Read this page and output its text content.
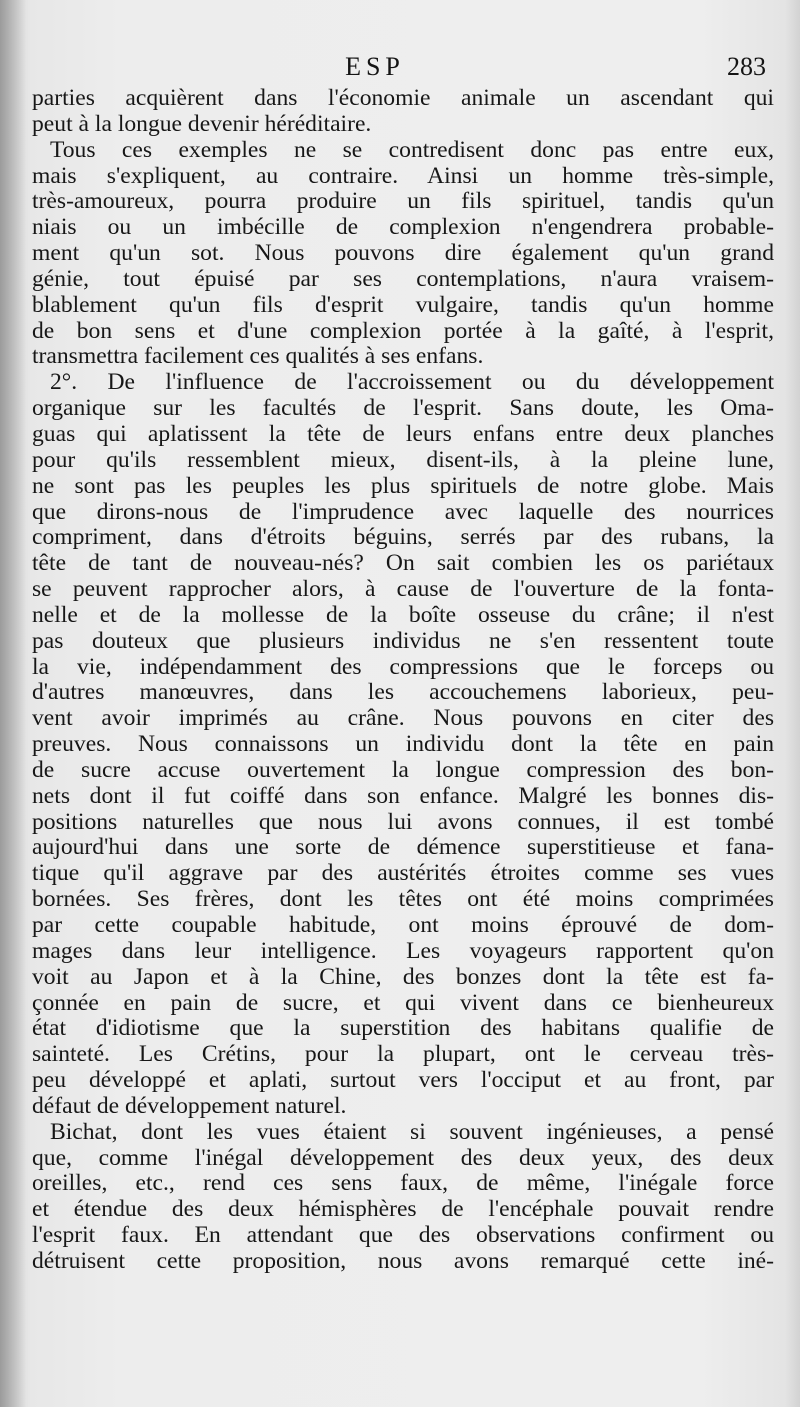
ESP	283
parties acquièrent dans l'économie animale un ascendant qui
peut à la longue devenir héréditaire.
Tous ces exemples ne se contredisent donc pas entre eux,
mais s'expliquent, au contraire. Ainsi un homme très-simple,
très-amoureux, pourra produire un fils spirituel, tandis qu'un
niais ou un imbécille de complexion n'engendrera probable-
ment qu'un sot. Nous pouvons dire également qu'un grand
génie, tout épuisé par ses contemplations, n'aura vraisem-
blablement qu'un fils d'esprit vulgaire, tandis qu'un homme
de bon sens et d'une complexion portée à la gaîté, à l'esprit,
transmettra facilement ces qualités à ses enfans.
2°. De l'influence de l'accroissement ou du développement
organique sur les facultés de l'esprit. Sans doute, les Oma-
guas qui aplatissent la tête de leurs enfans entre deux planches
pour qu'ils ressemblent mieux, disent-ils, à la pleine lune,
ne sont pas les peuples les plus spirituels de notre globe. Mais
que dirons-nous de l'imprudence avec laquelle des nourrices
compriment, dans d'étroits béguins, serrés par des rubans, la
tête de tant de nouveau-nés? On sait combien les os pariétaux
se peuvent rapprocher alors, à cause de l'ouverture de la fonta-
nelle et de la mollesse de la boîte osseuse du crâne; il n'est
pas douteux que plusieurs individus ne s'en ressentent toute
la vie, indépendamment des compressions que le forceps ou
d'autres manœuvres, dans les accouchemens laborieux, peu-
vent avoir imprimés au crâne. Nous pouvons en citer des
preuves. Nous connaissons un individu dont la tête en pain
de sucre accuse ouvertement la longue compression des bon-
nets dont il fut coiffé dans son enfance. Malgré les bonnes dis-
positions naturelles que nous lui avons connues, il est tombé
aujourd'hui dans une sorte de démence superstitieuse et fana-
tique qu'il aggrave par des austérités étroites comme ses vues
bornées. Ses frères, dont les têtes ont été moins comprimées
par cette coupable habitude, ont moins éprouvé de dom-
mages dans leur intelligence. Les voyageurs rapportent qu'on
voit au Japon et à la Chine, des bonzes dont la tête est fa-
çonnée en pain de sucre, et qui vivent dans ce bienheureux
état d'idiotisme que la superstition des habitans qualifie de
sainteté. Les Crétins, pour la plupart, ont le cerveau très-
peu développé et aplati, surtout vers l'occiput et au front, par
défaut de développement naturel.
Bichat, dont les vues étaient si souvent ingénieuses, a pensé
que, comme l'inégal développement des deux yeux, des deux
oreilles, etc., rend ces sens faux, de même, l'inégale force
et étendue des deux hémisphères de l'encéphale pouvait rendre
l'esprit faux. En attendant que des observations confirment ou
détruisent cette proposition, nous avons remarqué cette iné-
